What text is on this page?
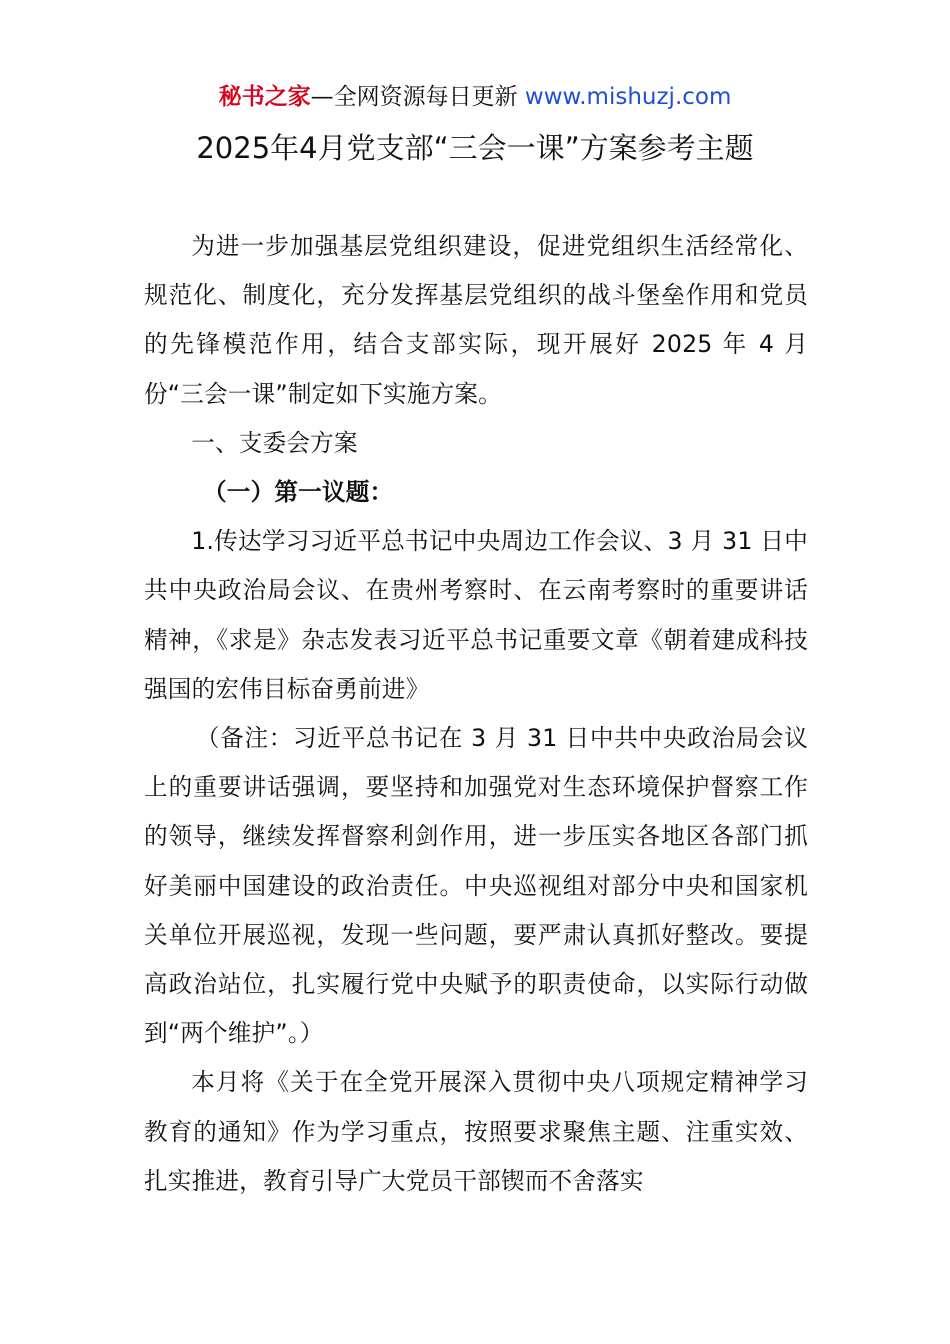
秘书之家—全网资源每日更新 www.mishuzj.com
2025年4月党支部“三会一课”方案参考主题

为进一步加强基层党组织建设，促进党组织生活经常化、规范化、制度化，充分发挥基层党组织的战斗堡垒作用和党员的先锋模范作用，结合支部实际，现开展好 2025 年 4 月份“三会一课”制定如下实施方案。

一、支委会方案

（一）第一议题：

1.传达学习习近平总书记中央周边工作会议、3 月 31 日中共中央政治局会议、在贵州考察时、在云南考察时的重要讲话精神，《求是》杂志发表习近平总书记重要文章《朝着建成科技强国的宏伟目标奋勇前进》

（备注：习近平总书记在 3 月 31 日中共中央政治局会议上的重要讲话强调，要坚持和加强党对生态环境保护督察工作的领导，继续发挥督察利剑作用，进一步压实各地区各部门抓好美丽中国建设的政治责任。中央巡视组对部分中央和国家机关单位开展巡视，发现一些问题，要严肃认真抓好整改。要提高政治站位，扎实履行党中央赋予的职责使命，以实际行动做到“两个维护”。）

本月将《关于在全党开展深入贯彻中央八项规定精神学习教育的通知》作为学习重点，按照要求聚焦主题、注重实效、扎实推进，教育引导广大党员干部锲而不舍落实
